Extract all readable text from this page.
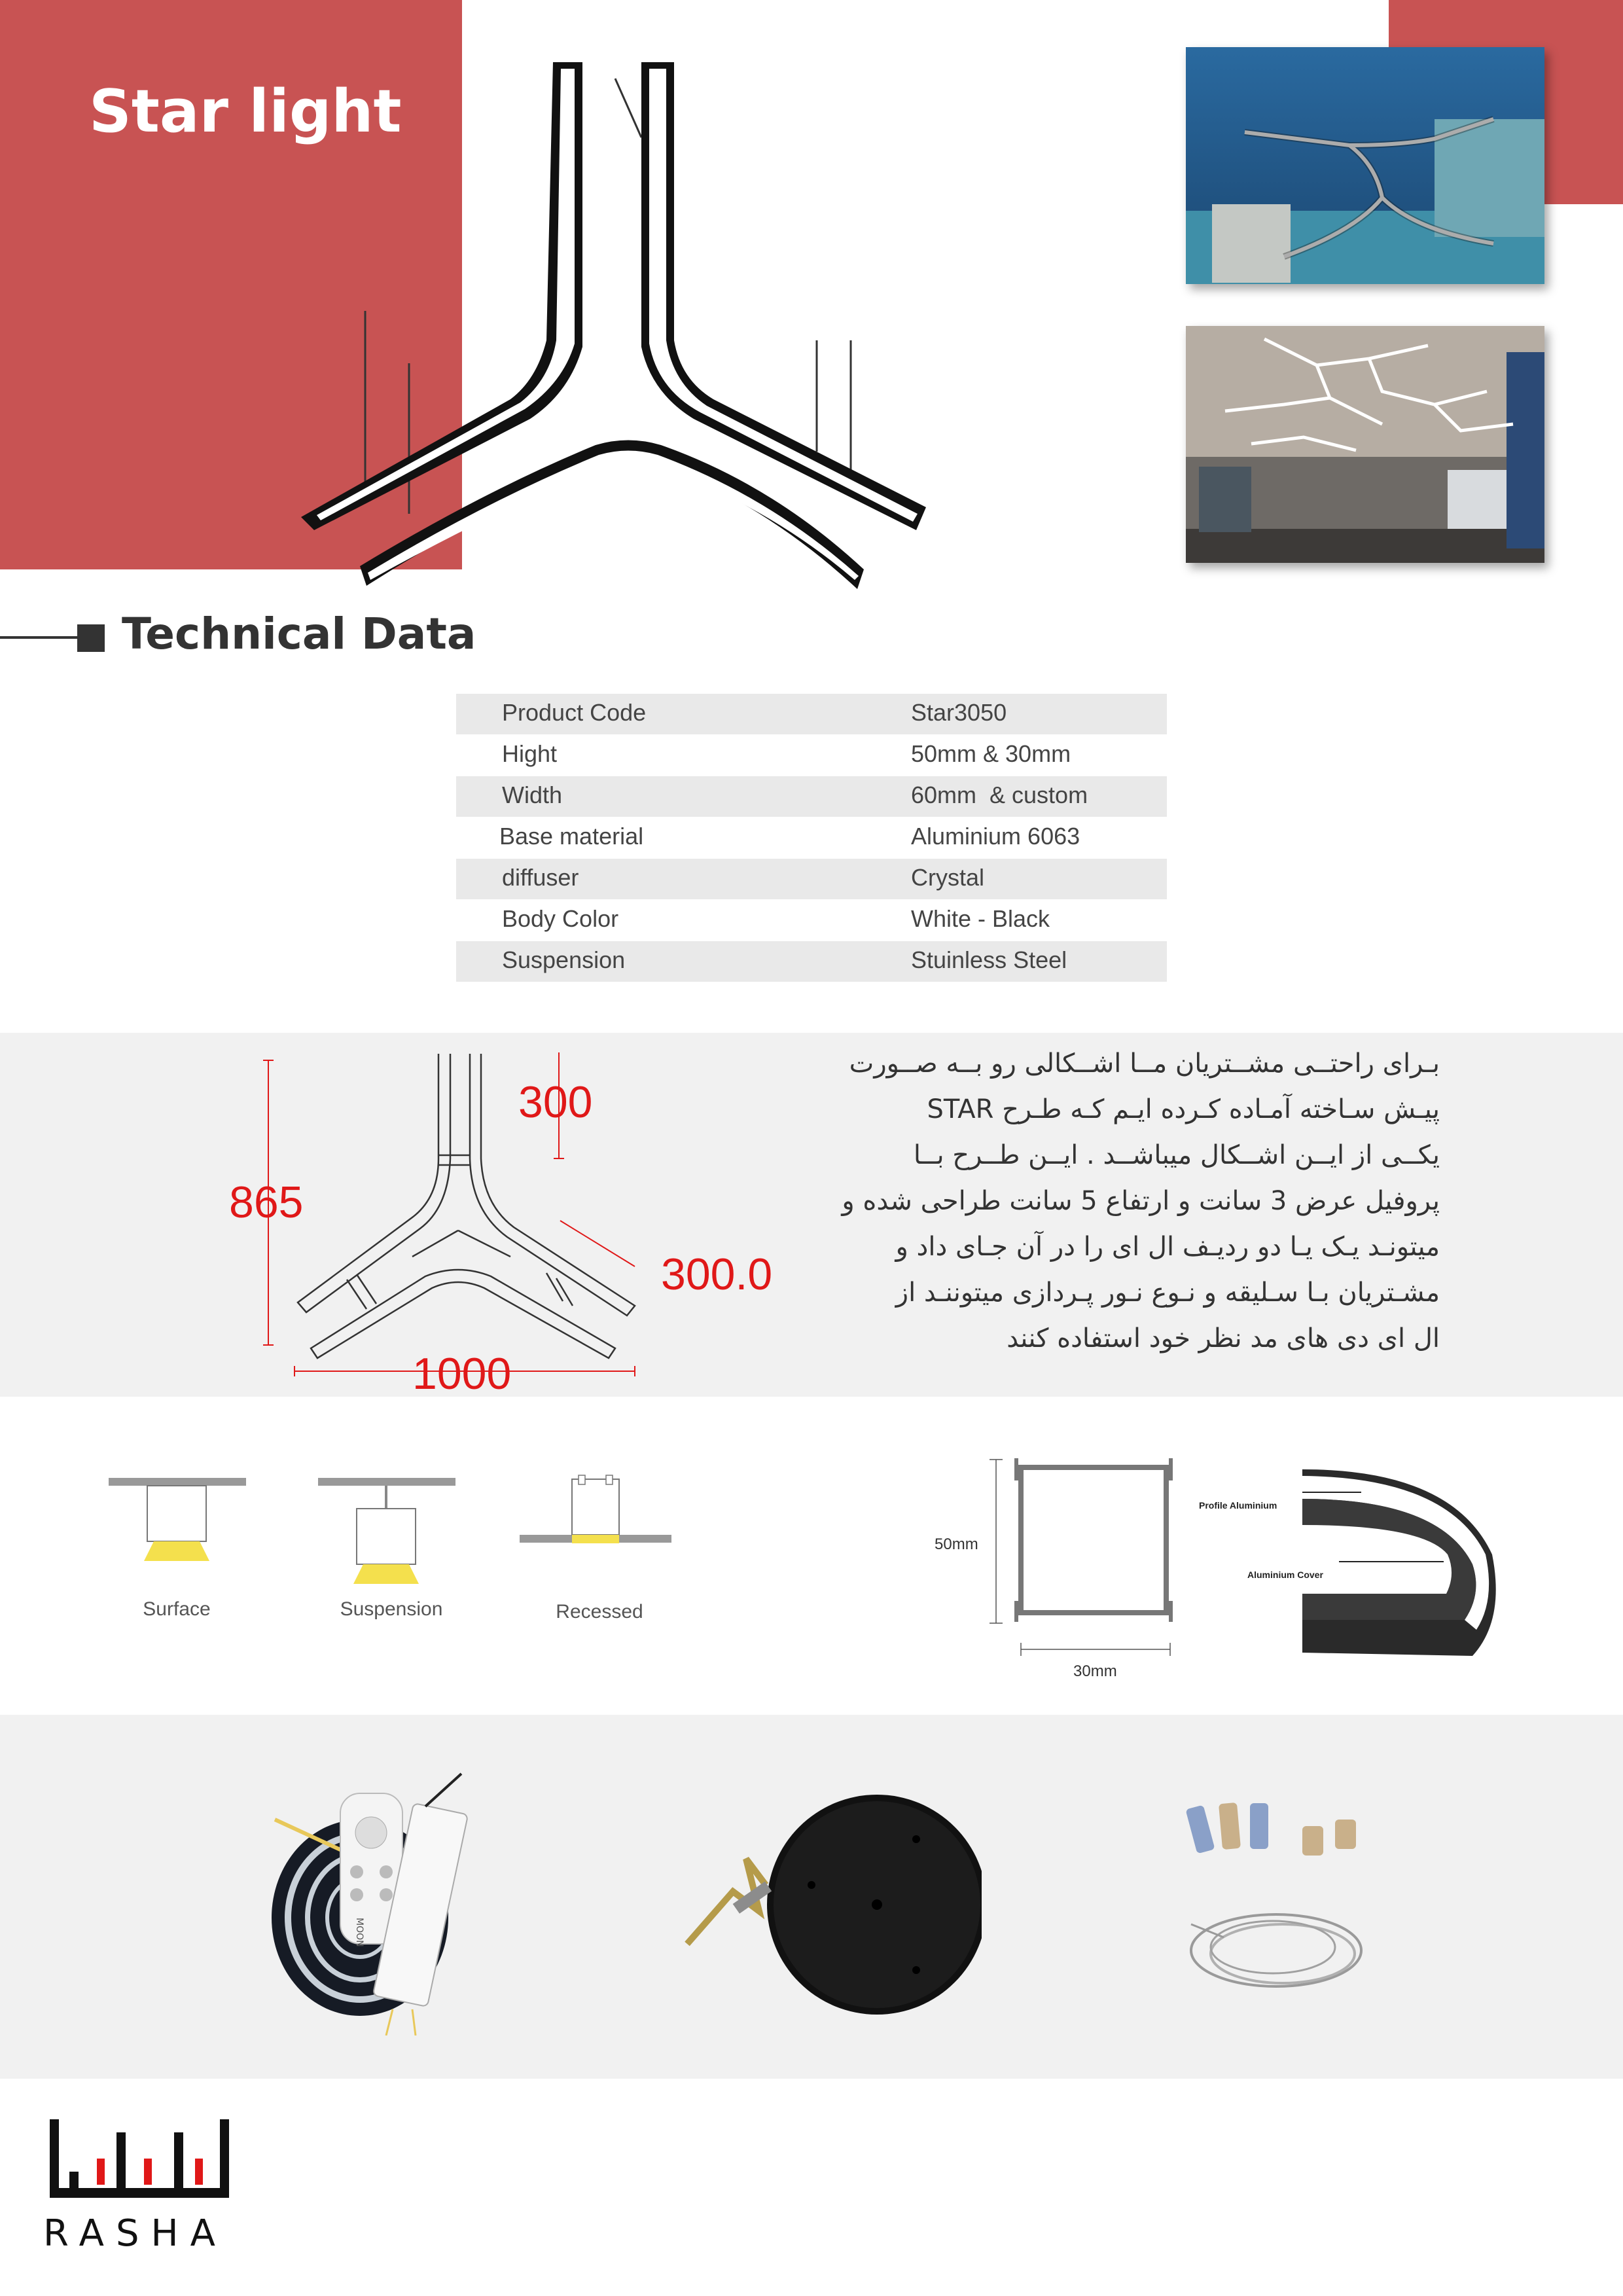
Star light
Technical Data
Product Code	Star3050
Hight	50mm & 30mm
Width	60mm  & custom
Base material	Aluminium 6063
diffuser	Crystal
Body Color	White - Black
Suspension	Stuinless Steel
300
865
300.0
1000
بـرای راحتــی مشــتریان مــا اشــکالی رو بــه صــورت
پیـش سـاخته آمـاده کـرده ایـم کـه طـرح STAR
یکــی از ایــن اشــکال میباشــد . ایــن طــرح بــا
پروفیل عرض 3 سانت و ارتفاع 5 سانت طراحی شده و
میتونـد یـک یـا دو ردیـف ال ای را در آن جـای داد و
مشـتریان بـا سـلیقه و نـوع نـور پـردازی میتوننـد از
ال ای دی های مد نظر خود استفاده کنند
Surface	Suspension	Recessed
50mm
30mm
Profile Aluminium
Aluminium Cover
MOON
RASHA
